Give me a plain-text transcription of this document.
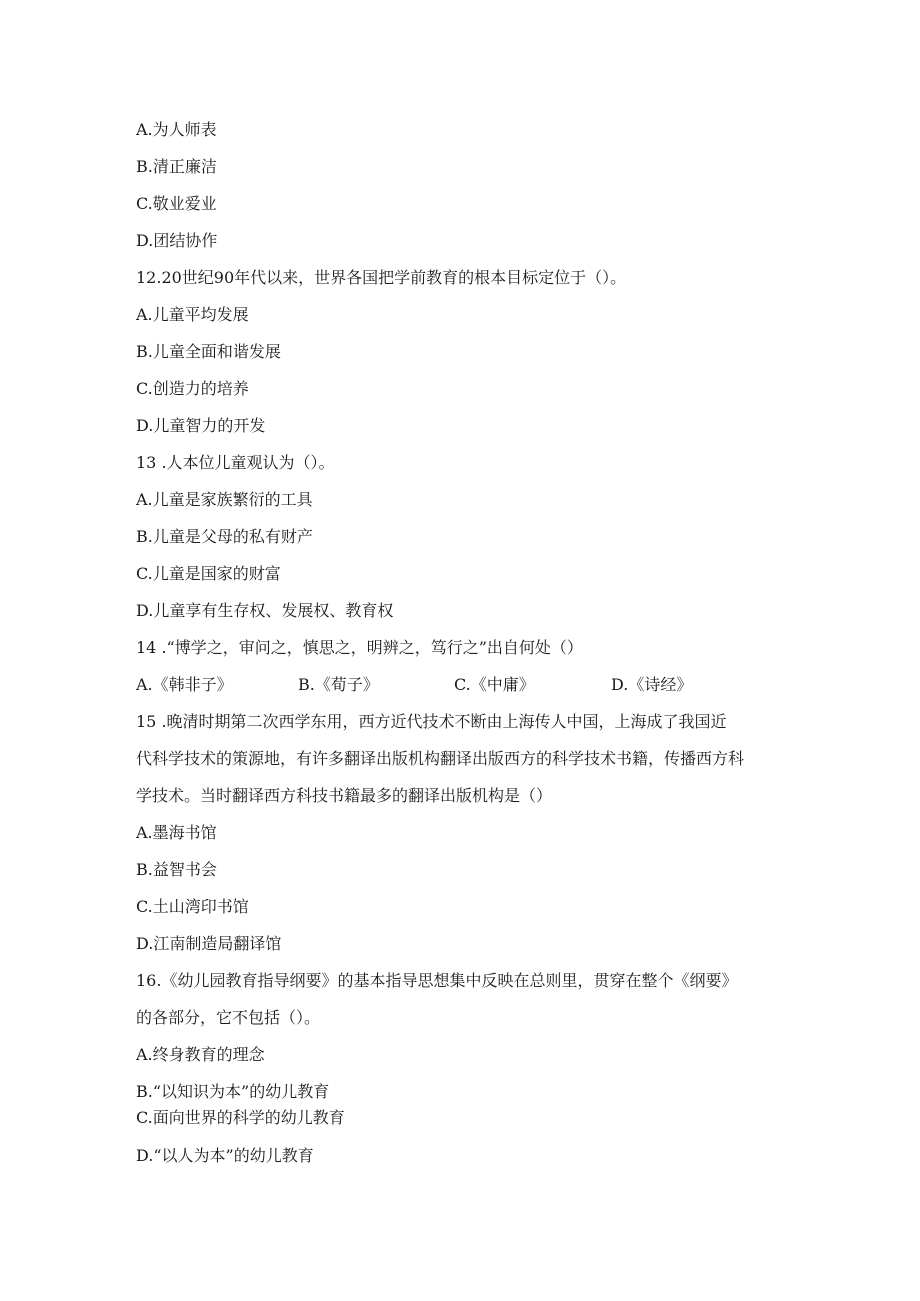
A.为人师表
B.清正廉洁
C.敬业爱业
D.团结协作
12.20世纪90年代以来，世界各国把学前教育的根本目标定位于（）。
A.儿童平均发展
B.儿童全面和谐发展
C.创造力的培养
D.儿童智力的开发
13 .人本位儿童观认为（）。
A.儿童是家族繁衍的工具
B.儿童是父母的私有财产
C.儿童是国家的财富
D.儿童享有生存权、发展权、教育权
14 .“博学之，审问之，慎思之，明辨之，笃行之”出自何处（）
A.《韩非子》	B.《荀子》	C.《中庸》	D.《诗经》
15 .晚清时期第二次西学东用，西方近代技术不断由上海传人中国，上海成了我国近
代科学技术的策源地，有许多翻译出版机构翻译出版西方的科学技术书籍，传播西方科
学技术。当时翻译西方科技书籍最多的翻译出版机构是（）
A.墨海书馆
B.益智书会
C.土山湾印书馆
D.江南制造局翻译馆
16.《幼儿园教育指导纲要》的基本指导思想集中反映在总则里，贯穿在整个《纲要》
的各部分，它不包括（）。
A.终身教育的理念
B.“以知识为本”的幼儿教育
C.面向世界的科学的幼儿教育
D.“以人为本”的幼儿教育
